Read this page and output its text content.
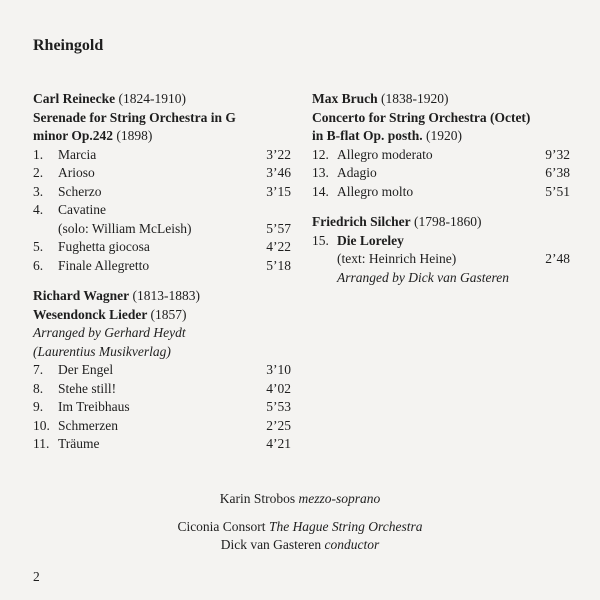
Rheingold
Carl Reinecke (1824-1910)
Serenade for String Orchestra in G
minor Op.242 (1898)
1.	Marcia	3’22
2.	Arioso	3’46
3.	Scherzo	3’15
4.	Cavatine
(solo: William McLeish)	5’57
5.	Fughetta giocosa	4’22
6.	Finale Allegretto	5’18
Richard Wagner (1813-1883)
Wesendonck Lieder (1857)
Arranged by Gerhard Heydt
(Laurentius Musikverlag)
7.	Der Engel	3’10
8.	Stehe still!	4’02
9.	Im Treibhaus	5’53
10. Schmerzen	2’25
11. Träume	4’21
Max Bruch (1838-1920)
Concerto for String Orchestra (Octet)
in B-flat Op. posth. (1920)
12. Allegro moderato	9’32
13. Adagio	6’38
14. Allegro molto	5’51
Friedrich Silcher (1798-1860)
15. Die Loreley
(text: Heinrich Heine)	2’48
Arranged by Dick van Gasteren
Karin Strobos mezzo-soprano
Ciconia Consort The Hague String Orchestra
Dick van Gasteren conductor
2
